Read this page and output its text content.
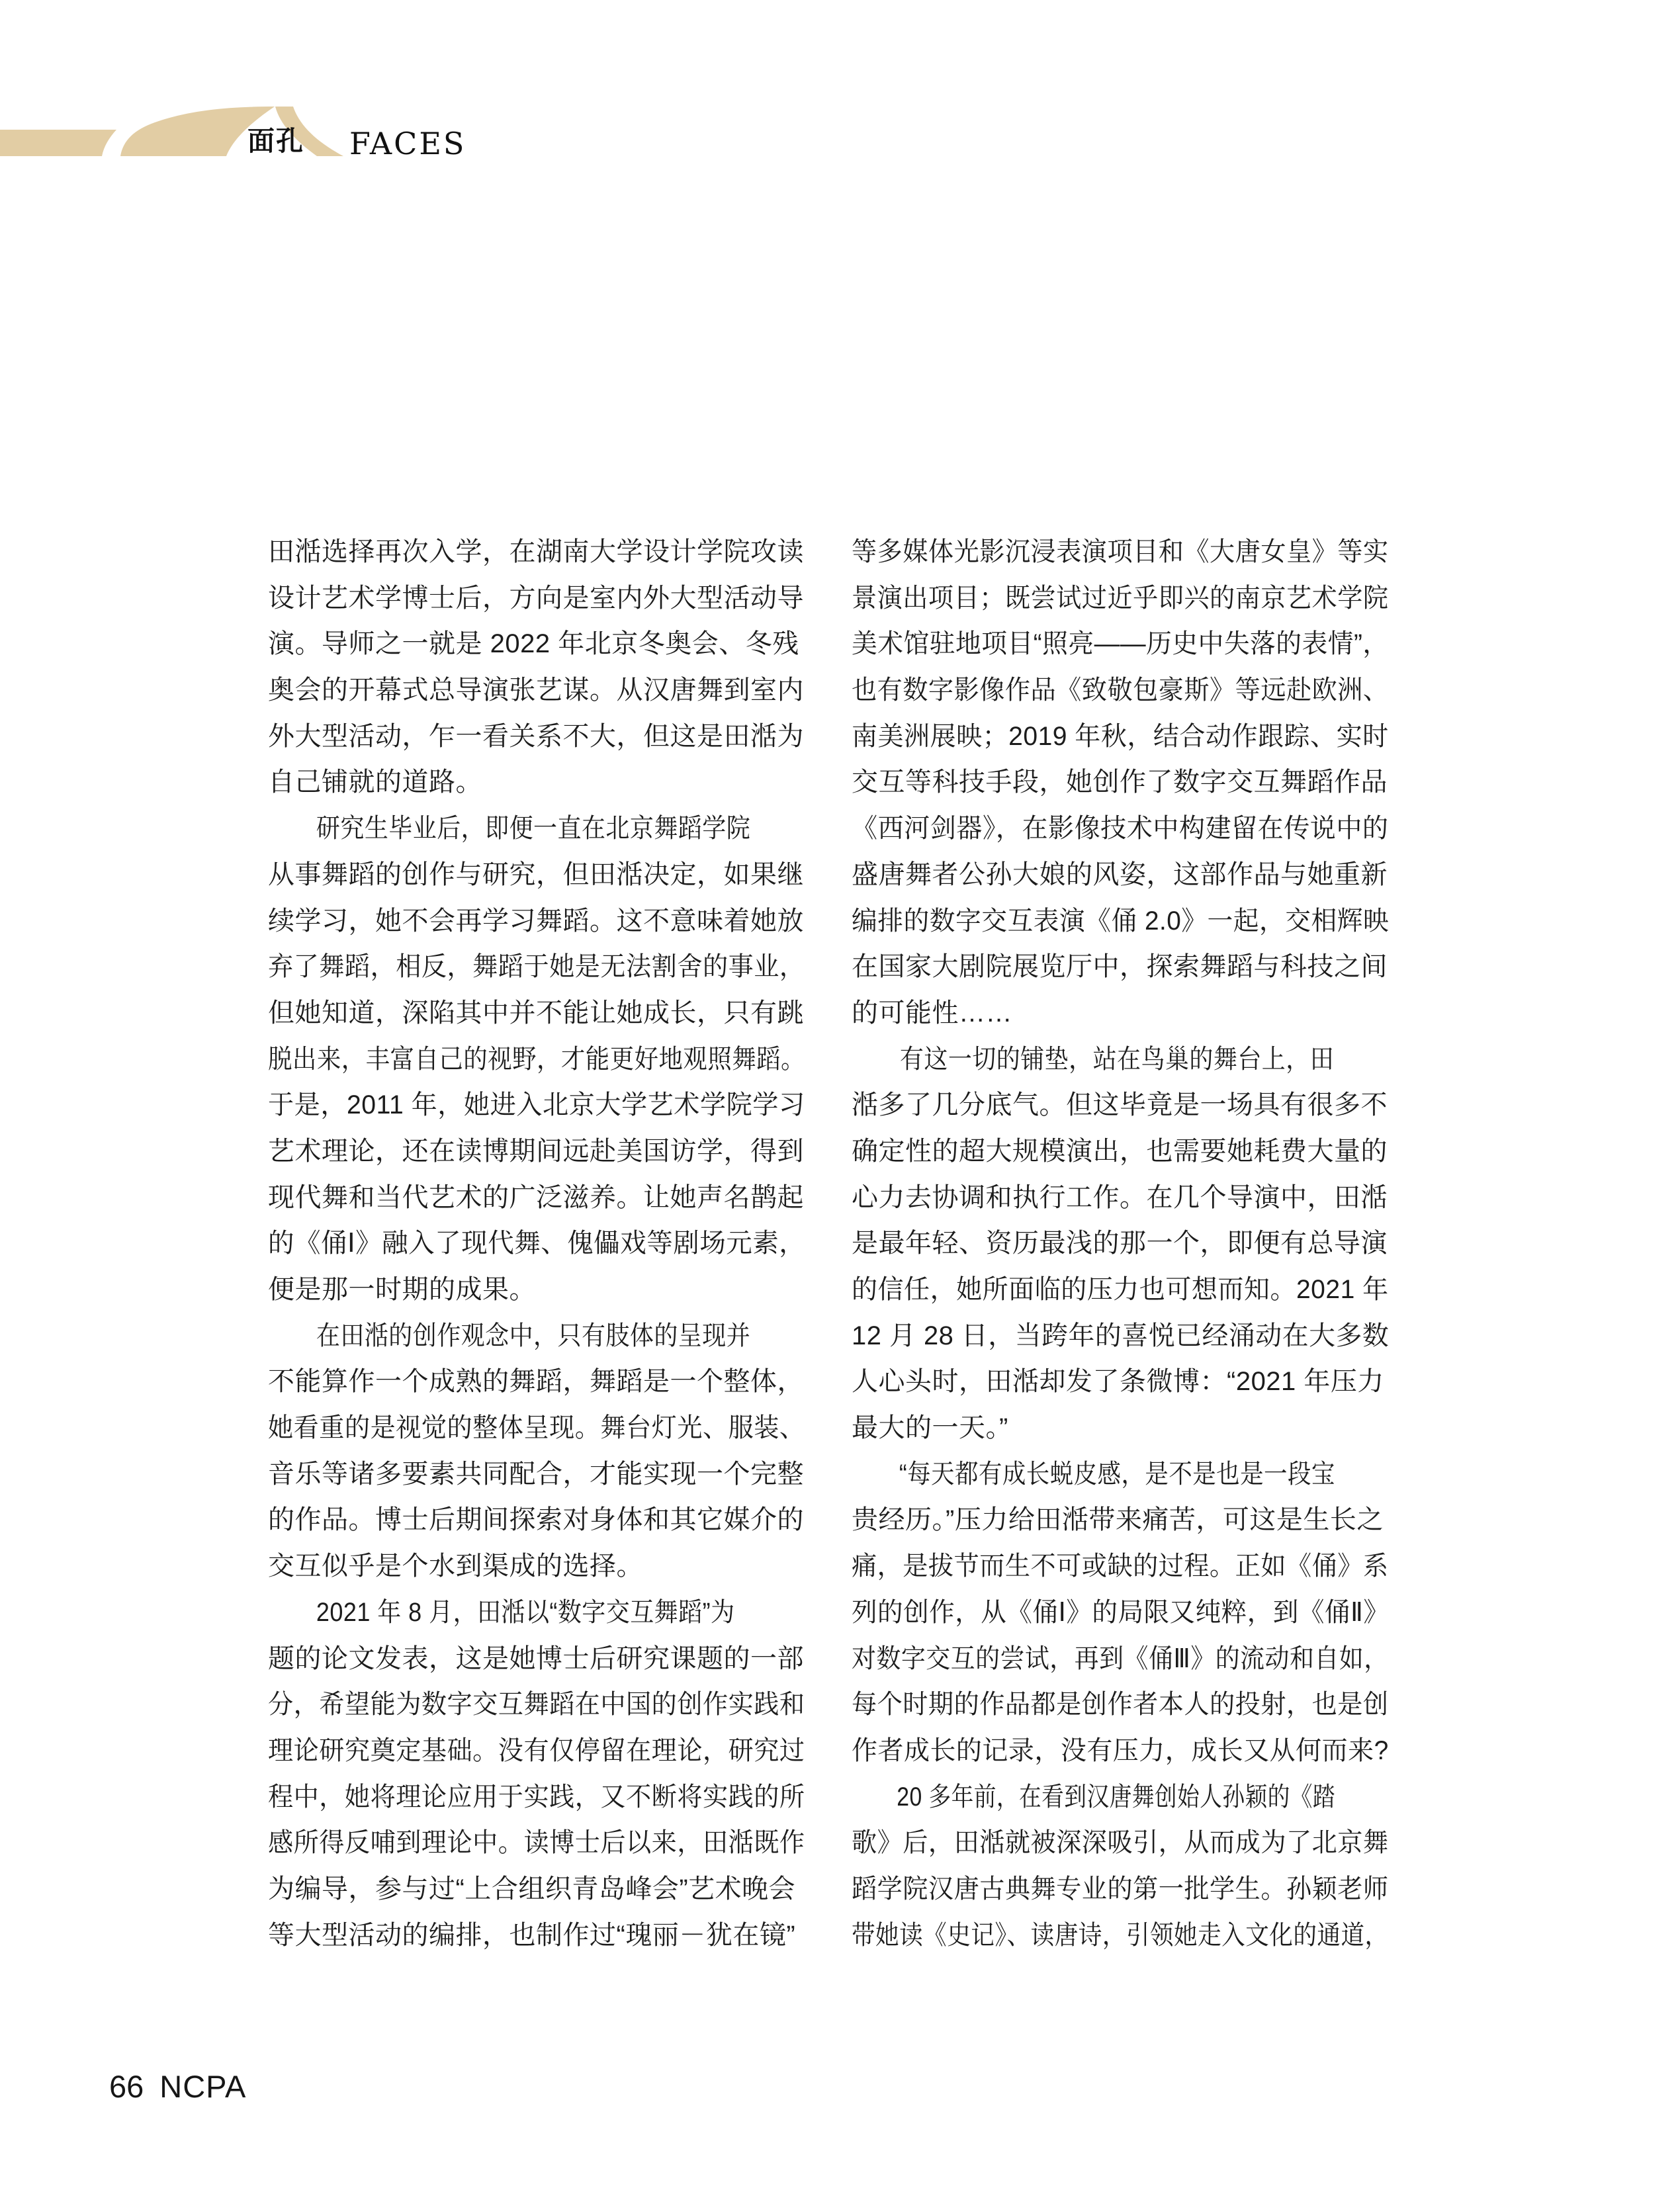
面孔 FACES
田湉选择再次入学，在湖南大学设计学院攻读
设计艺术学博士后，方向是室内外大型活动导
演。导师之一就是 2022 年北京冬奥会、冬残
奥会的开幕式总导演张艺谋。从汉唐舞到室内
外大型活动，乍一看关系不大，但这是田湉为
自己铺就的道路。
研究生毕业后，即便一直在北京舞蹈学院
从事舞蹈的创作与研究，但田湉决定，如果继
续学习，她不会再学习舞蹈。这不意味着她放
弃了舞蹈，相反，舞蹈于她是无法割舍的事业，
但她知道，深陷其中并不能让她成长，只有跳
脱出来，丰富自己的视野，才能更好地观照舞蹈。
于是，2011 年，她进入北京大学艺术学院学习
艺术理论，还在读博期间远赴美国访学，得到
现代舞和当代艺术的广泛滋养。让她声名鹊起
的《俑Ⅰ》融入了现代舞、傀儡戏等剧场元素，
便是那一时期的成果。
在田湉的创作观念中，只有肢体的呈现并
不能算作一个成熟的舞蹈，舞蹈是一个整体，
她看重的是视觉的整体呈现。舞台灯光、服装、
音乐等诸多要素共同配合，才能实现一个完整
的作品。博士后期间探索对身体和其它媒介的
交互似乎是个水到渠成的选择。
2021 年 8 月，田湉以“数字交互舞蹈”为
题的论文发表，这是她博士后研究课题的一部
分，希望能为数字交互舞蹈在中国的创作实践和
理论研究奠定基础。没有仅停留在理论，研究过
程中，她将理论应用于实践，又不断将实践的所
感所得反哺到理论中。读博士后以来，田湉既作
为编导，参与过“上合组织青岛峰会”艺术晚会
等大型活动的编排，也制作过“瑰丽－犹在镜”
等多媒体光影沉浸表演项目和《大唐女皇》等实
景演出项目；既尝试过近乎即兴的南京艺术学院
美术馆驻地项目“照亮——历史中失落的表情”，
也有数字影像作品《致敬包豪斯》等远赴欧洲、
南美洲展映；2019 年秋，结合动作跟踪、实时
交互等科技手段，她创作了数字交互舞蹈作品
《西河剑器》，在影像技术中构建留在传说中的
盛唐舞者公孙大娘的风姿，这部作品与她重新
编排的数字交互表演《俑 2.0》一起，交相辉映
在国家大剧院展览厅中，探索舞蹈与科技之间
的可能性……
有这一切的铺垫，站在鸟巢的舞台上，田
湉多了几分底气。但这毕竟是一场具有很多不
确定性的超大规模演出，也需要她耗费大量的
心力去协调和执行工作。在几个导演中，田湉
是最年轻、资历最浅的那一个，即便有总导演
的信任，她所面临的压力也可想而知。2021 年
12 月 28 日，当跨年的喜悦已经涌动在大多数
人心头时，田湉却发了条微博：“2021 年压力
最大的一天。”
“每天都有成长蜕皮感，是不是也是一段宝
贵经历。”压力给田湉带来痛苦，可这是生长之
痛，是拔节而生不可或缺的过程。正如《俑》系
列的创作，从《俑Ⅰ》的局限又纯粹，到《俑Ⅱ》
对数字交互的尝试，再到《俑Ⅲ》的流动和自如，
每个时期的作品都是创作者本人的投射，也是创
作者成长的记录，没有压力，成长又从何而来?
20 多年前，在看到汉唐舞创始人孙颖的《踏
歌》后，田湉就被深深吸引，从而成为了北京舞
蹈学院汉唐古典舞专业的第一批学生。孙颖老师
带她读《史记》、读唐诗，引领她走入文化的通道，
66 NCPA
